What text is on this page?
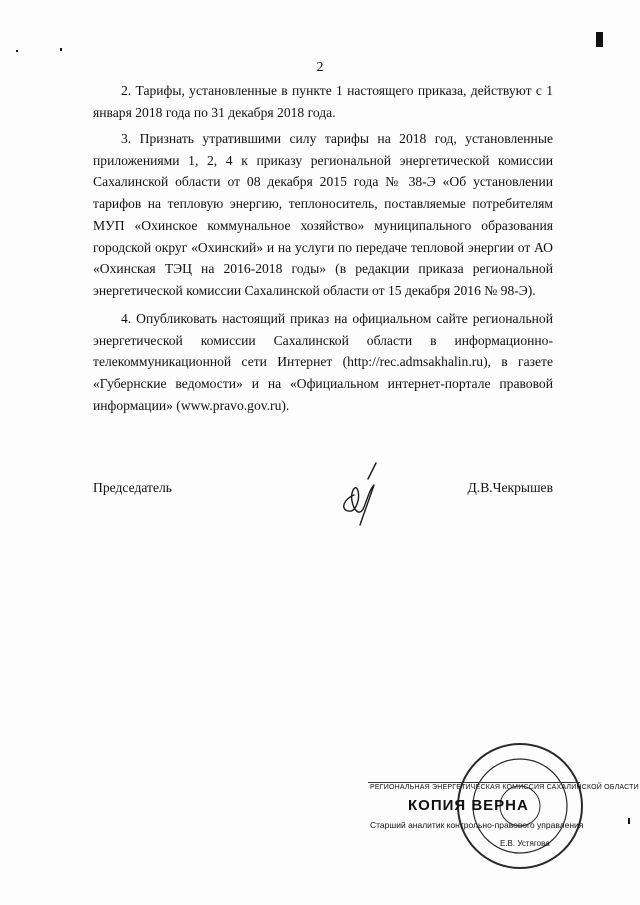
2

2. Тарифы, установленные в пункте 1 настоящего приказа, действуют с 1 января 2018 года по 31 декабря 2018 года.

3. Признать утратившими силу тарифы на 2018 год, установленные приложениями 1, 2, 4 к приказу региональной энергетической комиссии Сахалинской области от 08 декабря 2015 года № 38-Э «Об установлении тарифов на тепловую энергию, теплоноситель, поставляемые потребителям МУП «Охинское коммунальное хозяйство» муниципального образования городской округ «Охинский» и на услуги по передаче тепловой энергии от АО «Охинская ТЭЦ на 2016-2018 годы» (в редакции приказа региональной энергетической комиссии Сахалинской области от 15 декабря 2016 № 98-Э).

4. Опубликовать настоящий приказ на официальном сайте региональной энергетической комиссии Сахалинской области в информационно-телекоммуникационной сети Интернет (http://rec.admsakhalin.ru), в газете «Губернские ведомости» и на «Официальном интернет-портале правовой информации» (www.pravo.gov.ru).

Председатель	Д.В.Чекрышев
РЕГИОНАЛЬНАЯ ЭНЕРГЕТИЧЕСКАЯ КОМИССИЯ САХАЛИНСКОЙ ОБЛАСТИ
КОПИЯ ВЕРНА
Старший аналитик контрольно-правового управления
Е.В. Устягова
